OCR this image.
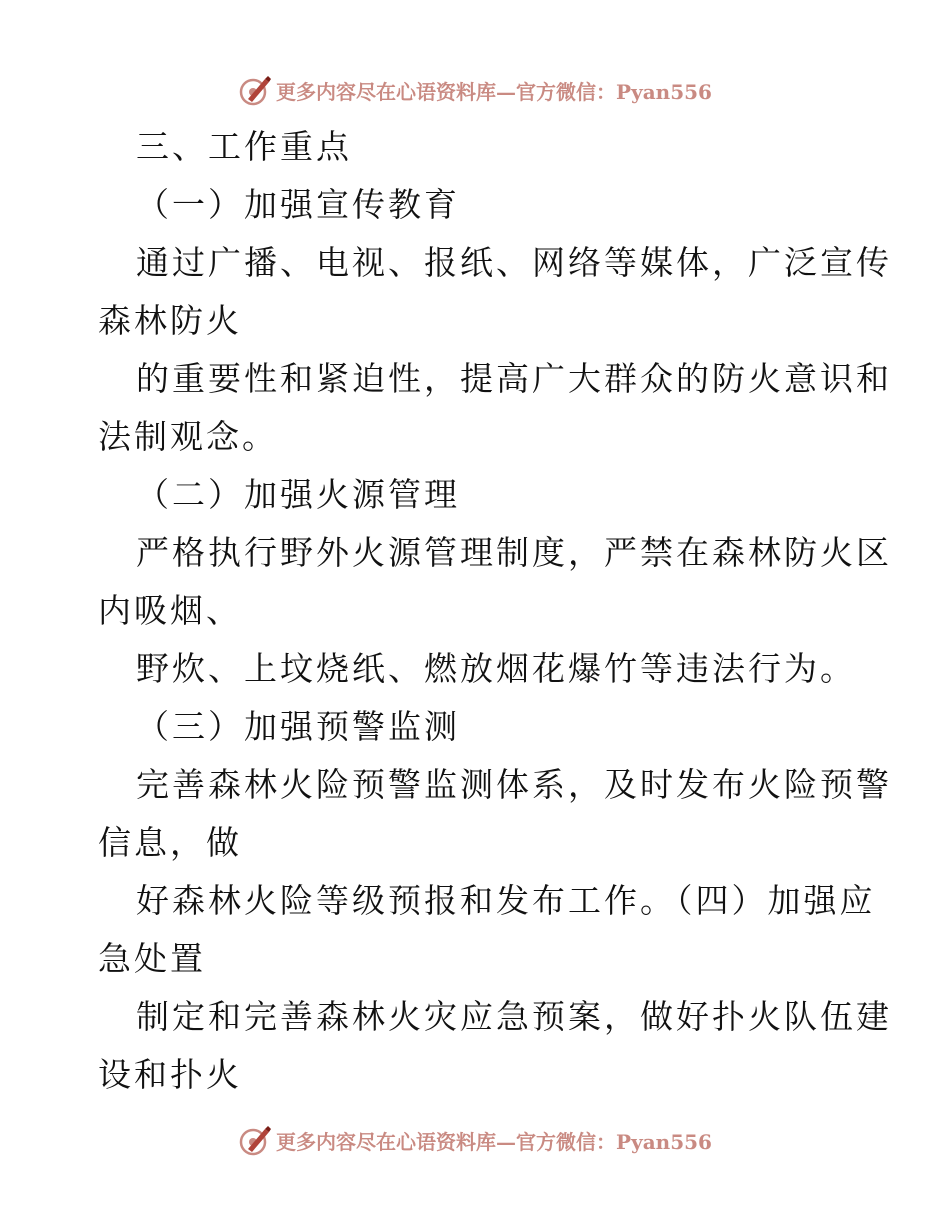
更多内容尽在心语资料库—官方微信：Pyan556

三、工作重点

（一）加强宣传教育

通过广播、电视、报纸、网络等媒体，广泛宣传

森林防火

的重要性和紧迫性，提高广大群众的防火意识和

法制观念。

（二）加强火源管理

严格执行野外火源管理制度，严禁在森林防火区

内吸烟、

野炊、上坟烧纸、燃放烟花爆竹等违法行为。

（三）加强预警监测

完善森林火险预警监测体系，及时发布火险预警

信息，做

好森林火险等级预报和发布工作。（四）加强应

急处置

制定和完善森林火灾应急预案，做好扑火队伍建

设和扑火

更多内容尽在心语资料库—官方微信：Pyan556
